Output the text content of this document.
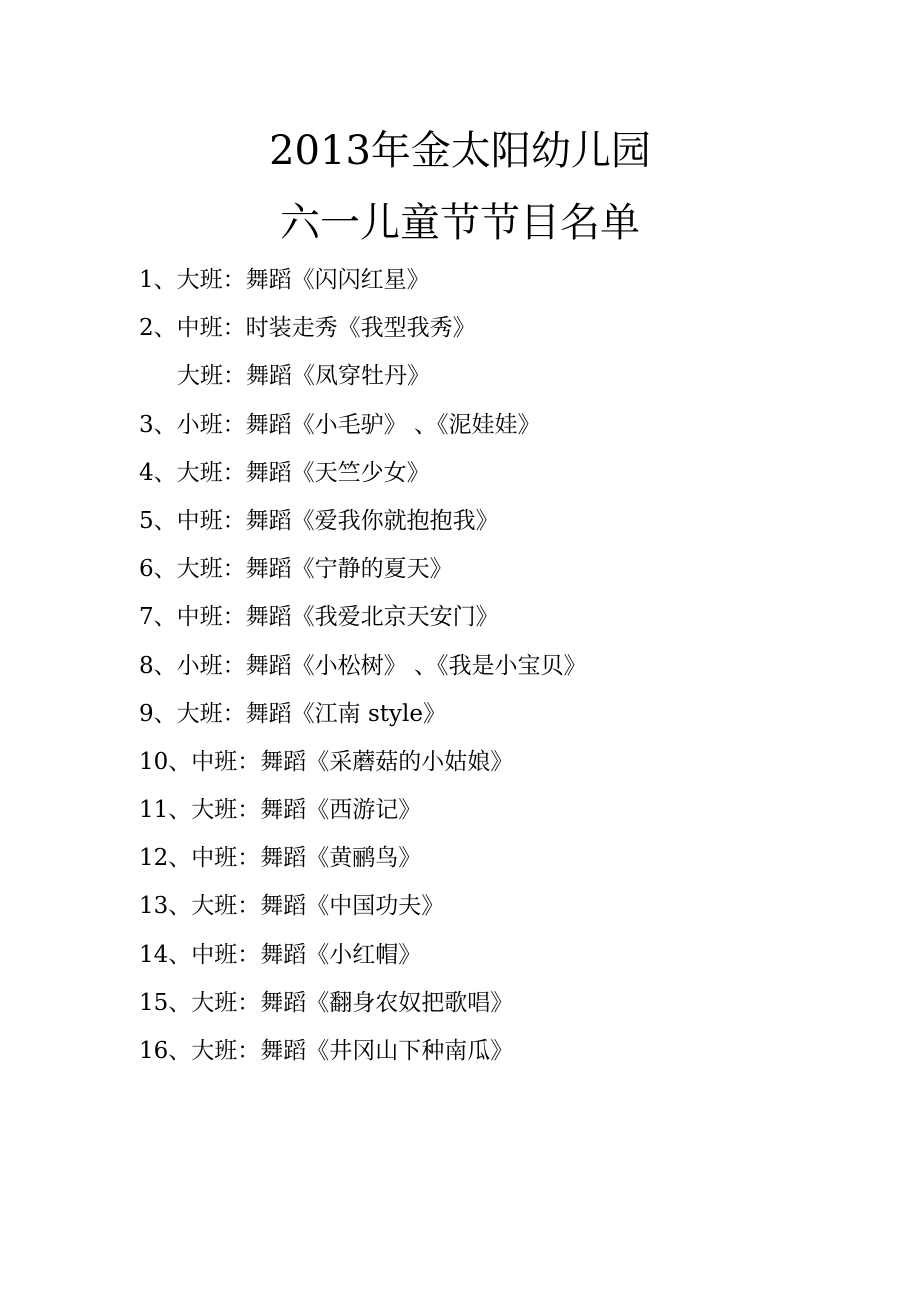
2013年金太阳幼儿园
六一儿童节节目名单
1、大班：舞蹈《闪闪红星》
2、中班：时装走秀《我型我秀》
大班：舞蹈《凤穿牡丹》
3、小班：舞蹈《小毛驴》 、《泥娃娃》
4、大班：舞蹈《天竺少女》
5、中班：舞蹈《爱我你就抱抱我》
6、大班：舞蹈《宁静的夏天》
7、中班：舞蹈《我爱北京天安门》
8、小班：舞蹈《小松树》 、《我是小宝贝》
9、大班：舞蹈《江南 style》
10、中班：舞蹈《采蘑菇的小姑娘》
11、大班：舞蹈《西游记》
12、中班：舞蹈《黄鹂鸟》
13、大班：舞蹈《中国功夫》
14、中班：舞蹈《小红帽》
15、大班：舞蹈《翻身农奴把歌唱》
16、大班：舞蹈《井冈山下种南瓜》
